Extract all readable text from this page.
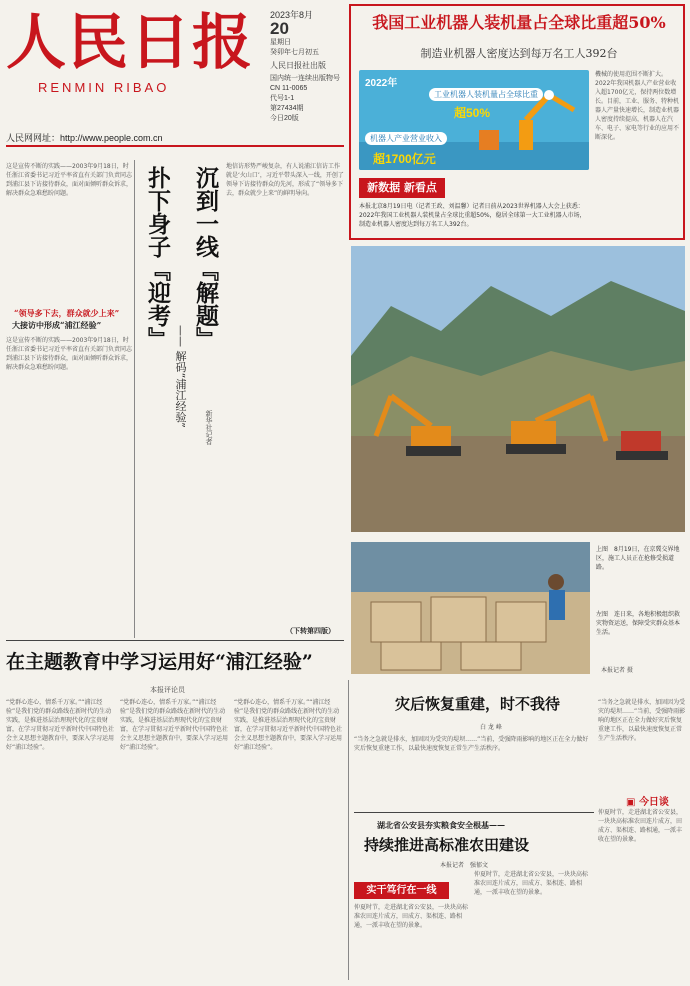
人民日报
RENMIN RIBAO
人民网网址：http://www.people.com.cn
2023年8月
20
星期日
癸卯年七月初五
人民日报社出版
国内统一连续出版物号
CN 11-0065
代号1-1
第27434期
今日20版
我国工业机器人装机量占全球比重超50%
制造业机器人密度达到每万名工人392台
2022年
工业机器人装机量占全球比重
超50%
机器人产业营业收入
超1700亿元
機械的使用范围不断扩大。2022年我国机器人产业营业收入超1700亿元，保持两位数增长。目前，工业、服务、特种机器人产量快速增长，制造业机器人密度持续提高，机器人在汽车、电子、家电等行业的应用不断深化。
新数据 新看点
本报北京8月19日电（记者王政、刘温馨）记者日前从2023世界机器人大会上获悉：2022年我国工业机器人装机量占全球比重超50%，稳居全球第一大工业机器人市场，制造业机器人密度达到每万名工人392台。
这是宣传不断的实践——2003年9月18日，时任浙江省委书记习近平率省直有关部门负责同志到浦江县下访接待群众，面对面倾听群众诉求，解决群众急难愁盼问题。
“领导多下去，群众就少上来”
大接访中形成“浦江经验”
这是宣传不断的实践——2003年9月18日，时任浙江省委书记习近平率省直有关部门负责同志到浦江县下访接待群众，面对面倾听群众诉求，解决群众急难愁盼问题。
扑下身子『迎考』
—— 解码“浦江经验”
沉到一线『解题』
新华社记者
地信访形势严峻复杂，有人说浦江信访工作就是‘火山口’，习近平带头深入一线，开创了领导下访接待群众的先河，形成了“领导多下去，群众就少上来”的鲜明导向。
（下转第四版）
上图　8月19日，在京冀交界地区，施工人员正在抢修受损道路。
左图　连日来，各地积极组织救灾物资运送，保障受灾群众基本生活。
本报记者 摄
在主题教育中学习运用好“浦江经验”
本报评论员
“党群心连心，情系千万家。”“浦江经验”是我们党的群众路线在新时代的生动实践，是推进基层治理现代化的宝贵财富，在学习贯彻习近平新时代中国特色社会主义思想主题教育中，要深入学习运用好“浦江经验”。
“党群心连心，情系千万家。”“浦江经验”是我们党的群众路线在新时代的生动实践，是推进基层治理现代化的宝贵财富，在学习贯彻习近平新时代中国特色社会主义思想主题教育中，要深入学习运用好“浦江经验”。
“党群心连心，情系千万家。”“浦江经验”是我们党的群众路线在新时代的生动实践，是推进基层治理现代化的宝贵财富，在学习贯彻习近平新时代中国特色社会主义思想主题教育中，要深入学习运用好“浦江经验”。
灾后恢复重建，时不我待
白 龙 峰
“当务之急就是排水，加固因为受灾的堤坝……”当前，受强降雨影响的地区正在全力做好灾后恢复重建工作，以最快速度恢复正常生产生活秩序。
“当务之急就是排水，加固因为受灾的堤坝……”当前，受强降雨影响的地区正在全力做好灾后恢复重建工作，以最快速度恢复正常生产生活秩序。
▣ 今日谈
仲夏时节，走进湖北省公安县，一块块高标准农田连片成方，田成方、渠相连、路相通，一派丰收在望的景象。
湖北省公安县夯实粮食安全根基——
持续推进高标准农田建设
本报记者　强郁文
实干笃行在一线
仲夏时节，走进湖北省公安县，一块块高标准农田连片成方，田成方、渠相连、路相通，一派丰收在望的景象。
仲夏时节，走进湖北省公安县，一块块高标准农田连片成方，田成方、渠相连、路相通，一派丰收在望的景象。
